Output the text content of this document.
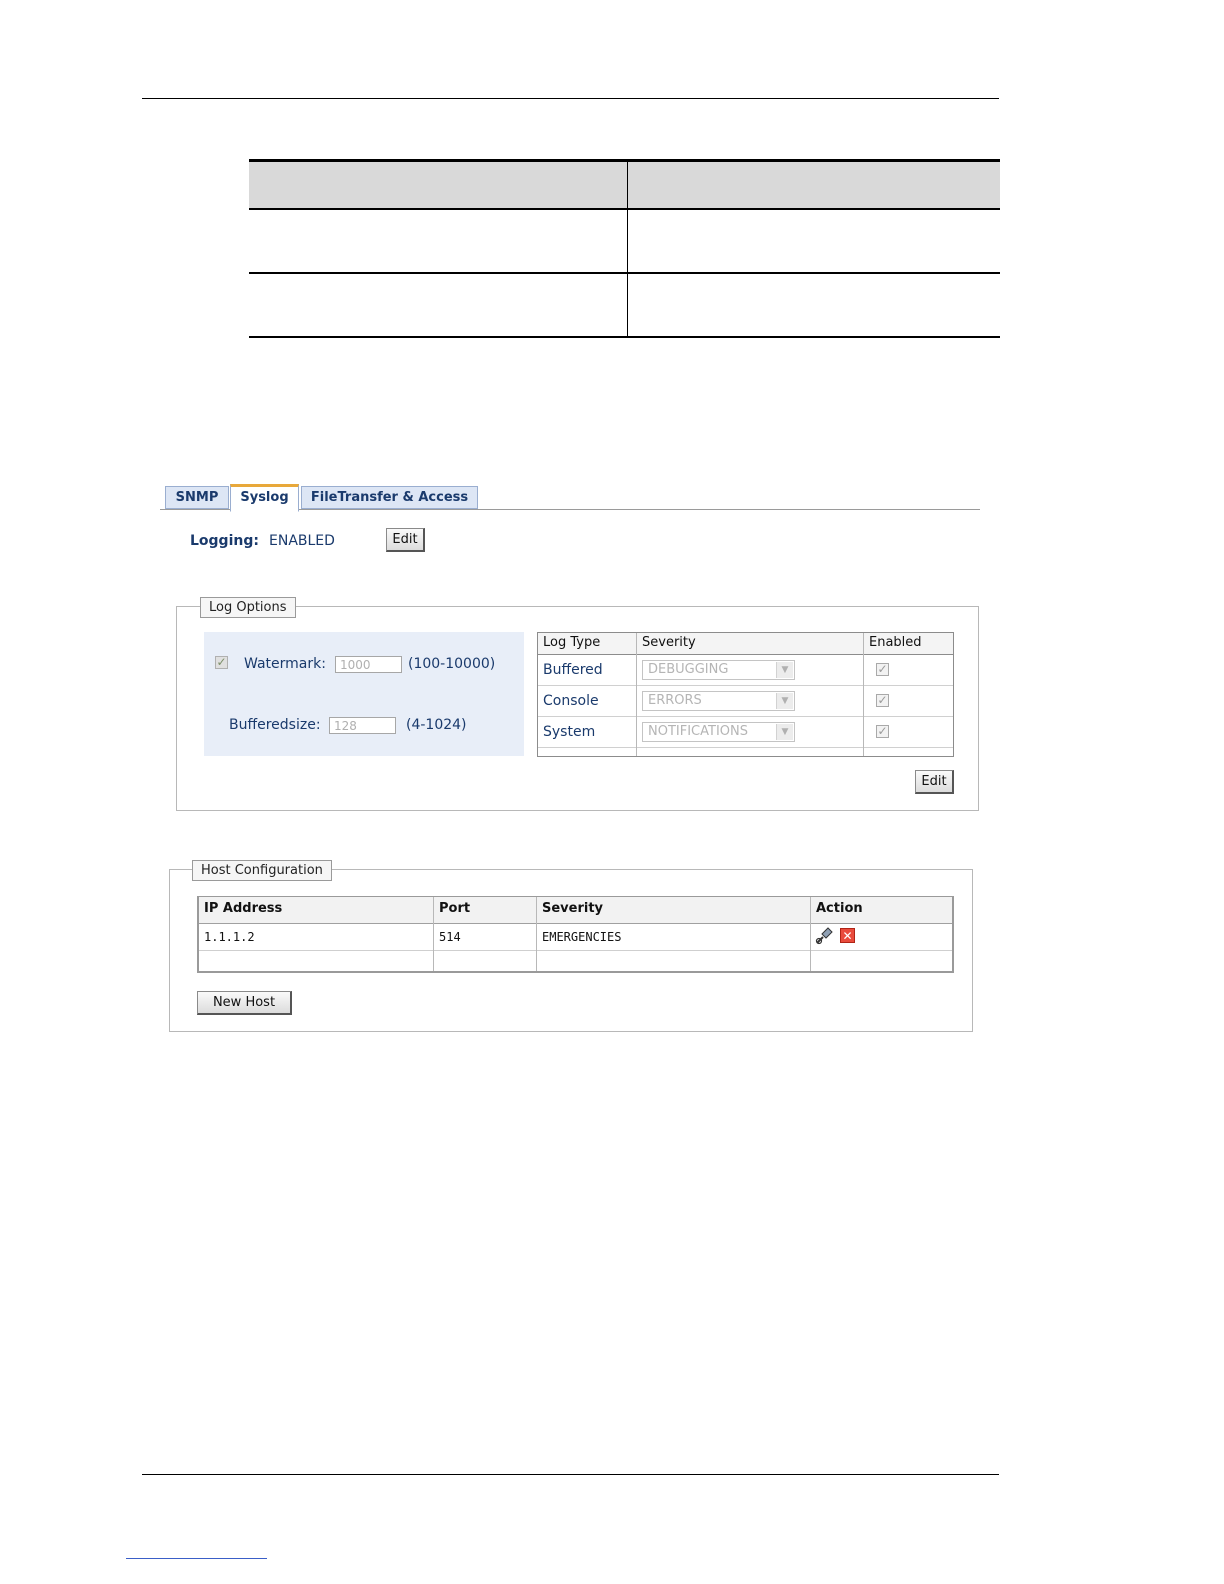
SNMP	Syslog	FileTransfer & Access
Logging: ENABLED	Edit
Log Options
✓ Watermark:
1000	(100-10000)
Bufferedsize:
128	(4-1024)
Log Type	Severity	Enabled
Buffered	DEBUGGING	▼	✓
Console	ERRORS	▼	✓
System	NOTIFICATIONS	▼	✓
Edit
Host Configuration
IP Address	Port	Severity	Action
1.1.1.2	514	EMERGENCIES	✕
New Host
